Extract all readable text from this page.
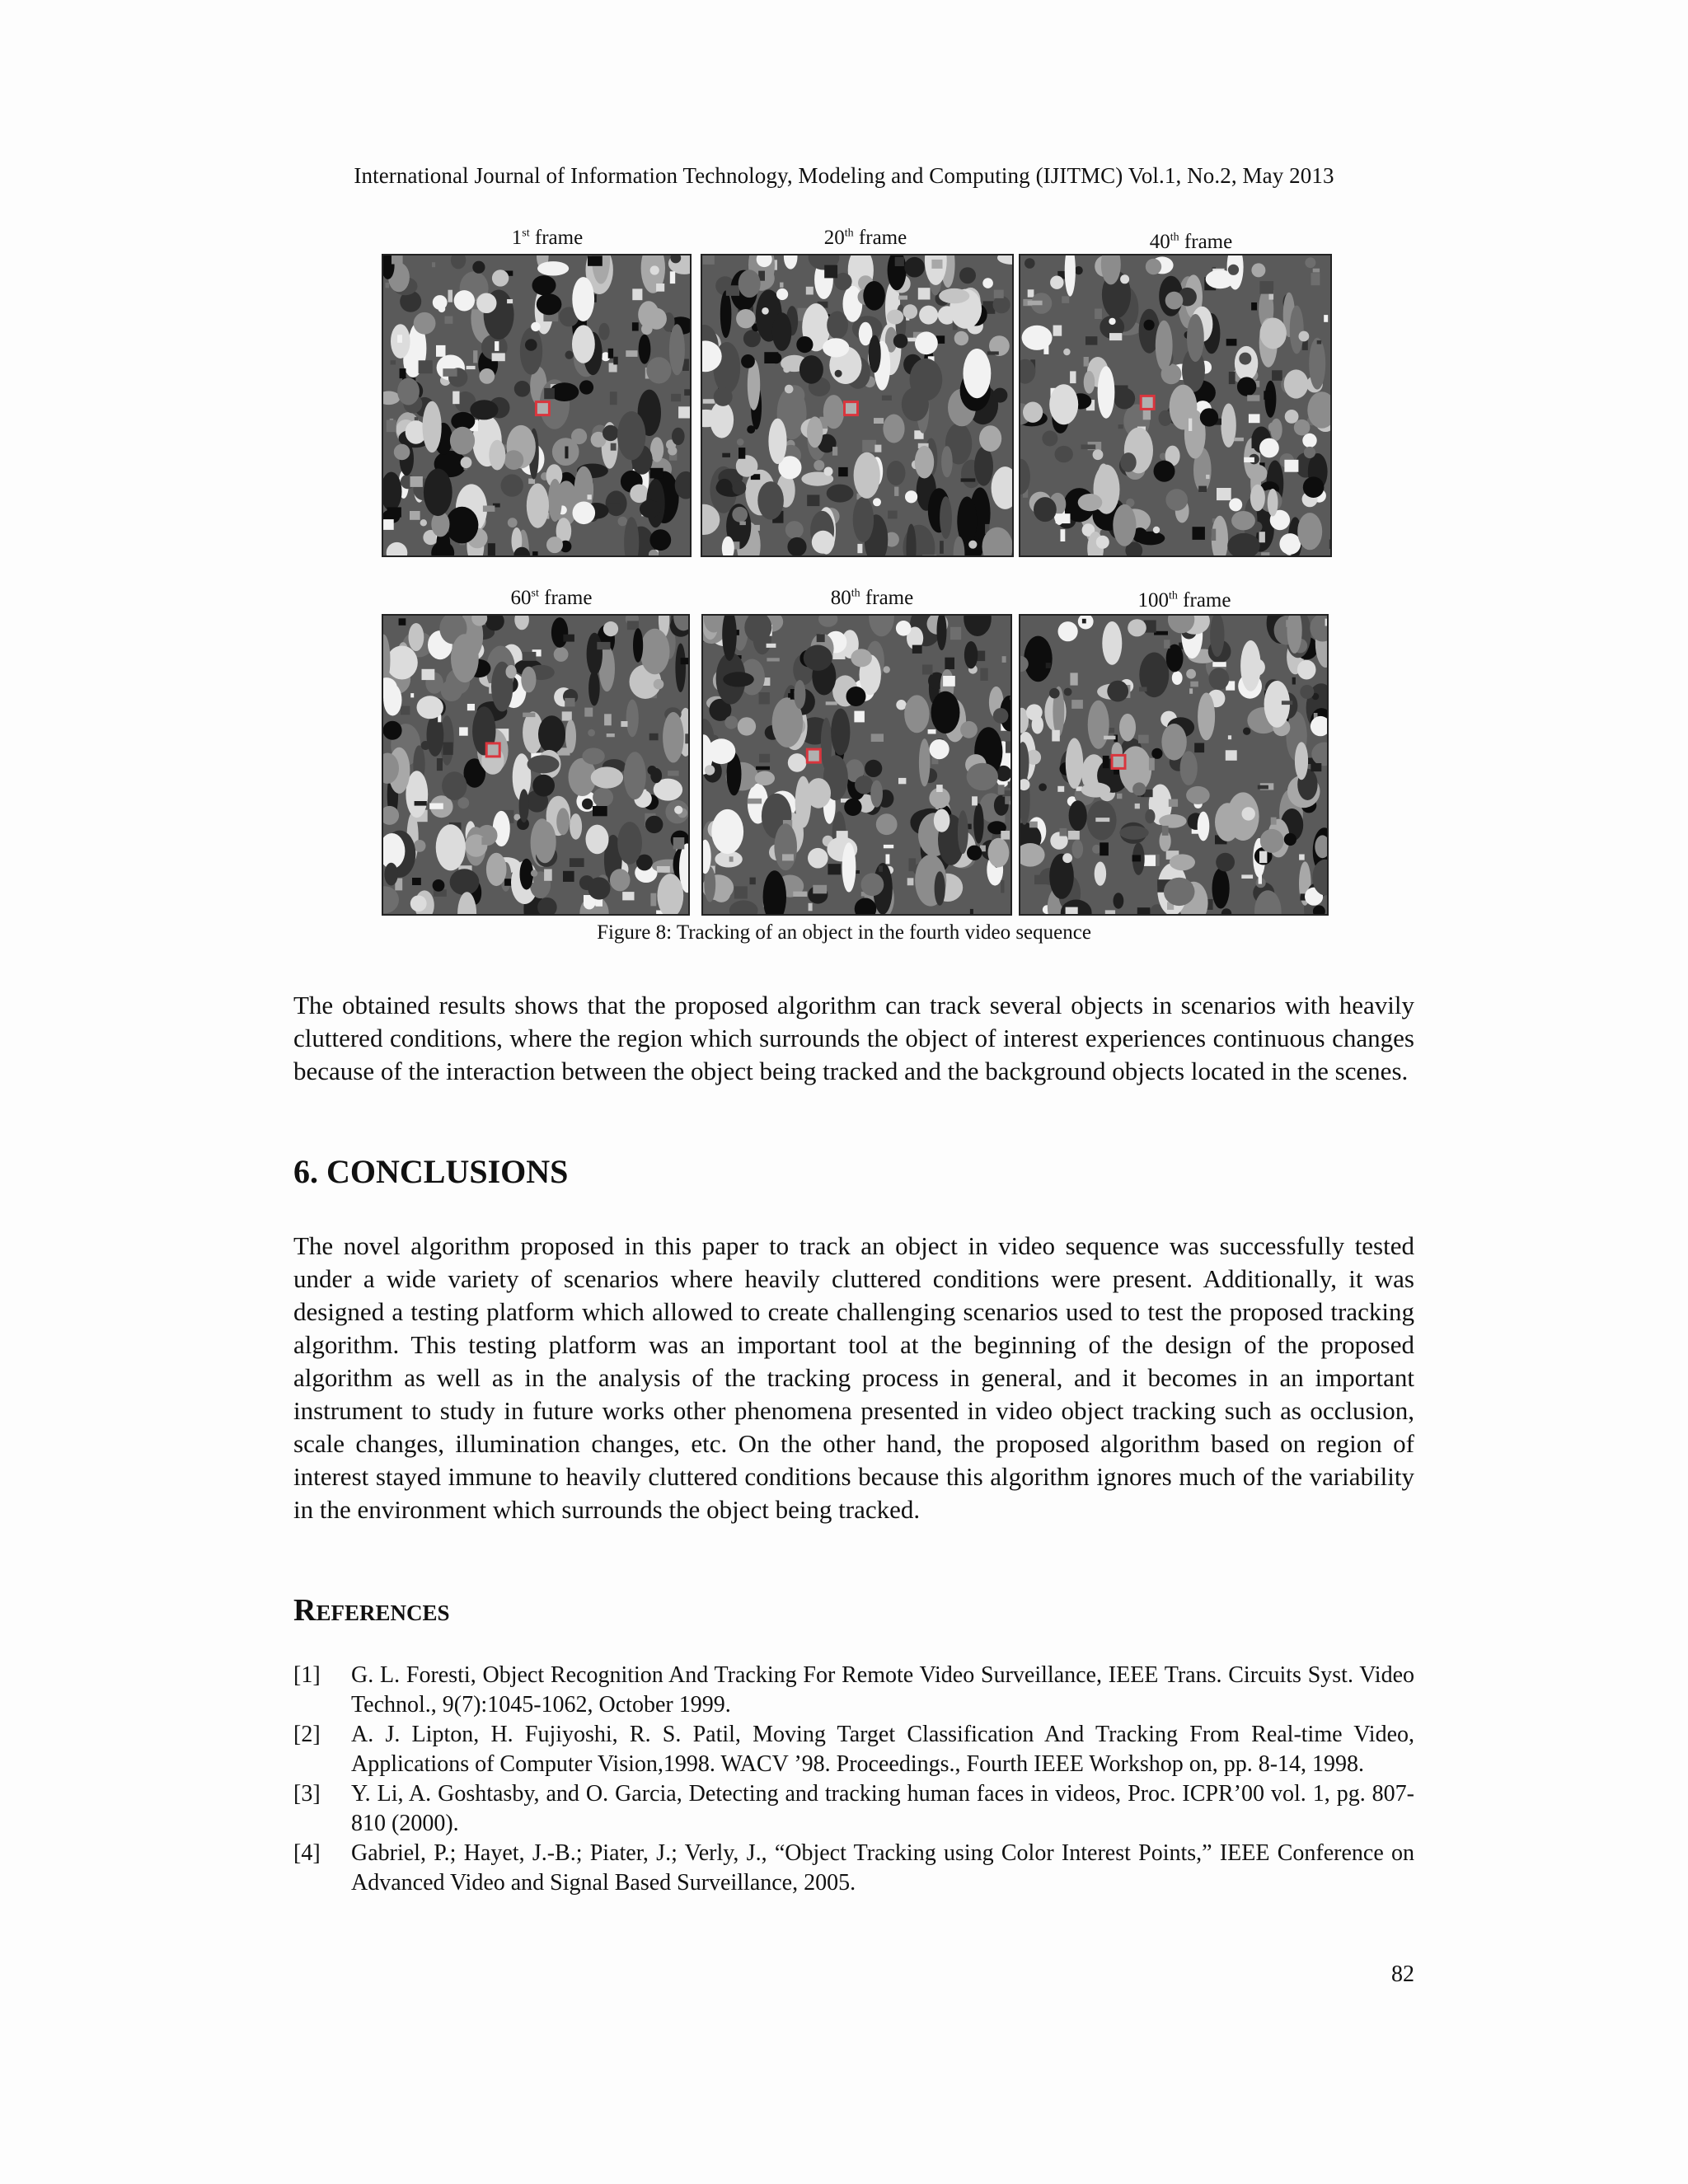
International Journal of Information Technology, Modeling and Computing (IJITMC) Vol.1, No.2, May 2013
1st frame	20th frame	40th frame
60st frame	80th frame	100th frame
Figure 8: Tracking of an object in the fourth video sequence

The obtained results shows that the proposed algorithm can track several objects in scenarios with heavily cluttered conditions, where the region which surrounds the object of interest experiences continuous changes because of the interaction between the object being tracked and the background objects located in the scenes.

6. CONCLUSIONS

The novel algorithm proposed in this paper to track an object in video sequence was successfully tested under a wide variety of scenarios where heavily cluttered conditions were present. Additionally, it was designed a testing platform which allowed to create challenging scenarios used to test the proposed tracking algorithm. This testing platform was an important tool at the beginning of the design of the proposed algorithm as well as in the analysis of the tracking process in general, and it becomes in an important instrument to study in future works other phenomena presented in video object tracking such as occlusion, scale changes, illumination changes, etc. On the other hand, the proposed algorithm based on region of interest stayed immune to heavily cluttered conditions because this algorithm ignores much of the variability in the environment which surrounds the object being tracked.

References
[1]	G. L. Foresti, Object Recognition And Tracking For Remote Video Surveillance, IEEE Trans. Circuits Syst. Video Technol., 9(7):1045-1062, October 1999.
[2]	A. J. Lipton, H. Fujiyoshi, R. S. Patil, Moving Target Classification And Tracking From Real-time Video, Applications of Computer Vision,1998. WACV ’98. Proceedings., Fourth IEEE Workshop on, pp. 8-14, 1998.
[3]	Y. Li, A. Goshtasby, and O. Garcia, Detecting and tracking human faces in videos, Proc. ICPR’00 vol. 1, pg. 807-810 (2000).
[4]	Gabriel, P.; Hayet, J.-B.; Piater, J.; Verly, J., “Object Tracking using Color Interest Points,” IEEE Conference on Advanced Video and Signal Based Surveillance, 2005.
82
